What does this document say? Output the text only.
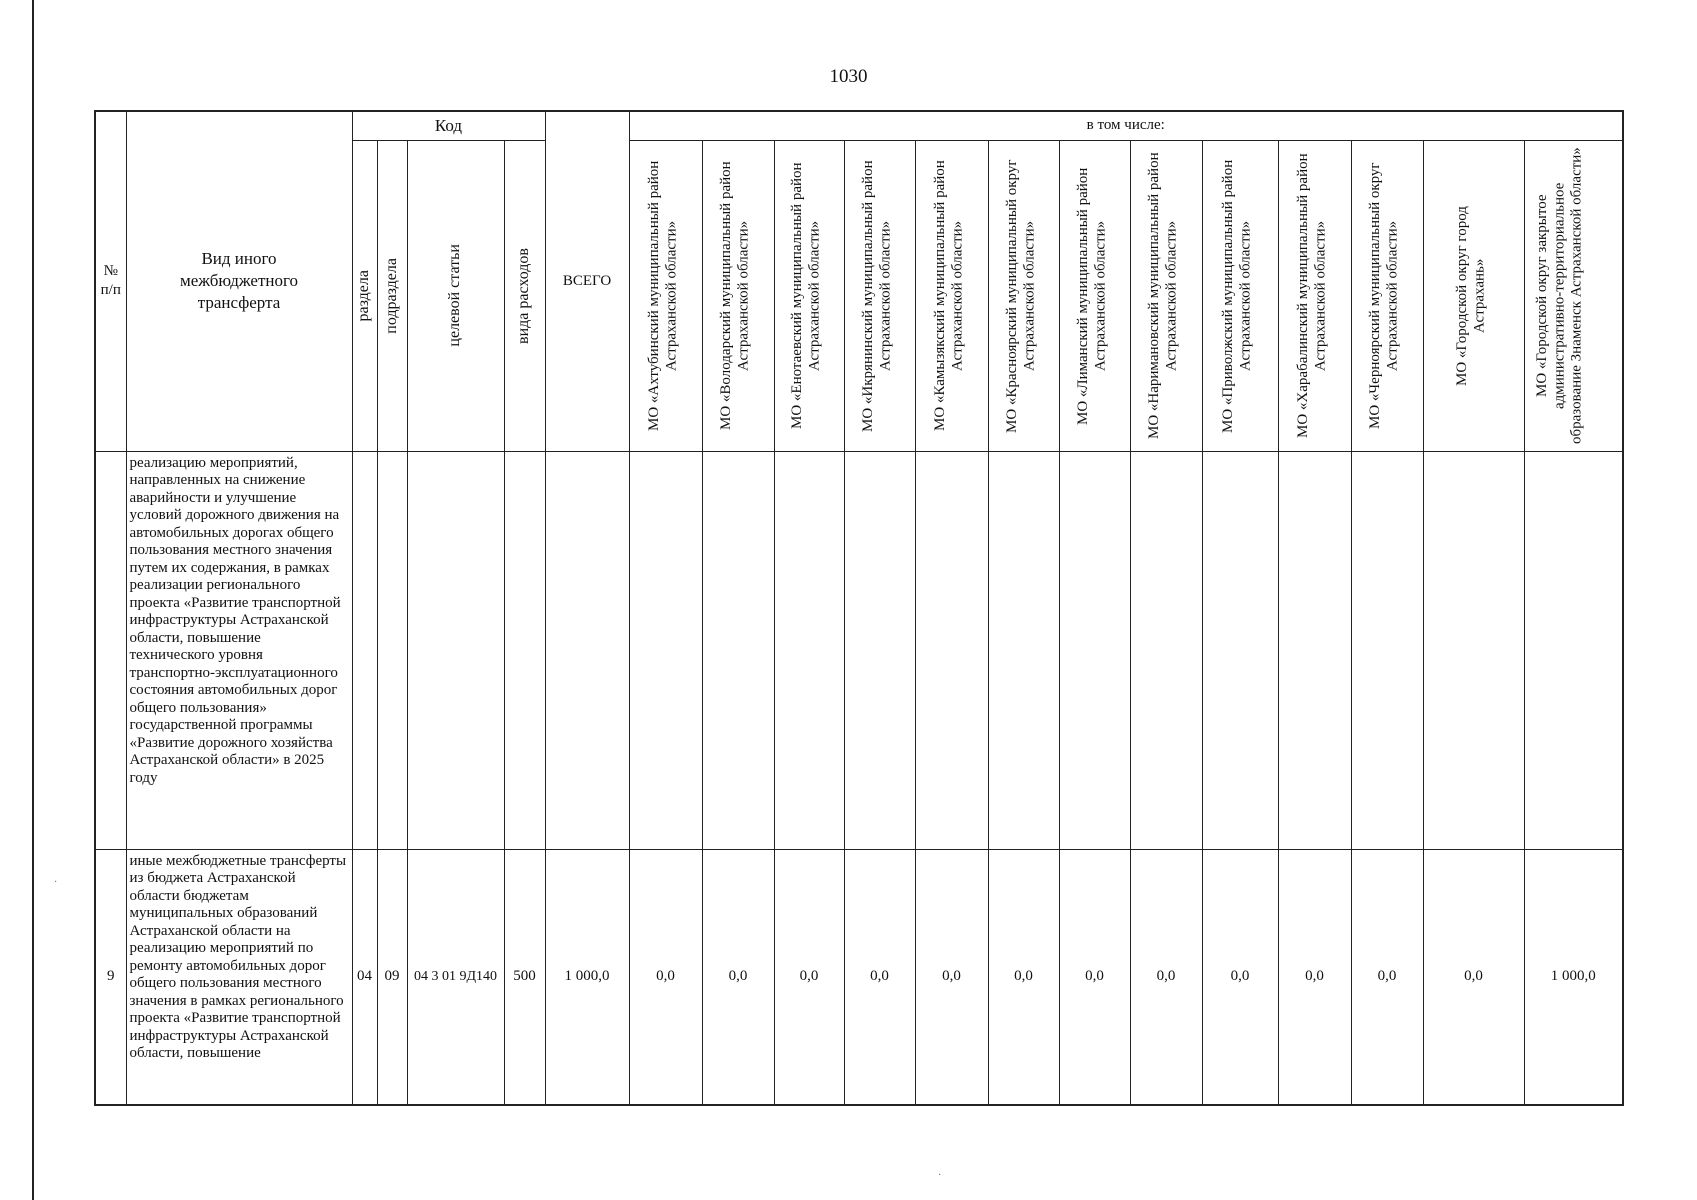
1030
№ п/п	Вид иного межбюджетного трансферта	Код				ВСЕГО	в том числе:												

		раздела	подраздела	целевой статьи	вида расходов		МО «Ахтубинский муниципальный район Астраханской области»	МО «Володарский муниципальный район Астраханской области»	МО «Енотаевский муниципальный район Астраханской области»	МО «Икрянинский муниципальный район Астраханской области»	МО «Камызякский муниципальный район Астраханской области»	МО «Красноярский муниципальный округ Астраханской области»	МО «Лиманский муниципальный район Астраханской области»	МО «Наримановский муниципальный район Астраханской области»	МО «Приволжский муниципальный район Астраханской области»	МО «Харабалинский муниципальный район Астраханской области»	МО «Черноярский муниципальный округ Астраханской области»	МО «Городской округ город Астрахань»	МО «Городской округ закрытое административно-территориальное образование Знаменск Астраханской области»

	реализацию мероприятий, направленных на снижение аварийности и улучшение условий дорожного движения на автомобильных дорогах общего пользования местного значения путем их содержания, в рамках реализации регионального проекта «Развитие транспортной инфраструктуры Астраханской области, повышение технического уровня транспортно-эксплуатационного состояния автомобильных дорог общего пользования» государственной программы «Развитие дорожного хозяйства Астраханской области» в 2025 году																		
9	иные межбюджетные трансферты из бюджета Астраханской области бюджетам муниципальных образований Астраханской области на реализацию мероприятий по ремонту автомобильных дорог общего пользования местного значения в рамках регионального проекта «Развитие транспортной инфраструктуры Астраханской области, повышение	04	09	04 3 01 9Д140	500	1 000,0	0,0	0,0	0,0	0,0	0,0	0,0	0,0	0,0	0,0	0,0	0,0	0,0	1 000,0
·
·
